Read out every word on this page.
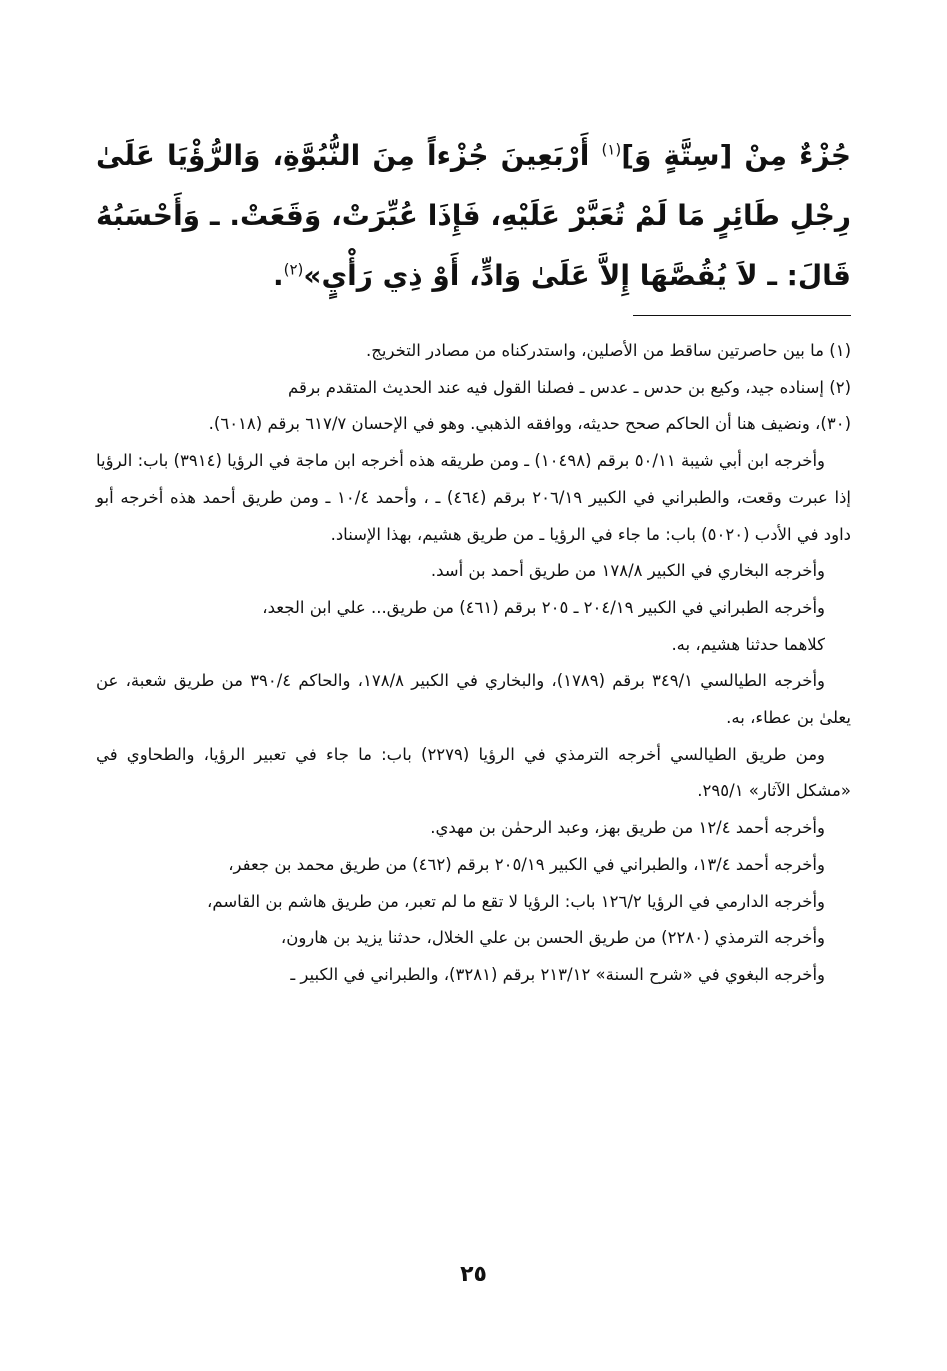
جُزْءٌ مِنْ [سِتَّةٍ وَ]$^{(١)}$ أَرْبَعِينَ جُزْءاً مِنَ النُّبُوَّةِ، وَالرُّؤْيَا عَلَىٰ رِجْلِ طَائِرٍ مَا لَمْ تُعَبَّرْ عَلَيْهِ، فَإِذَا عُبِّرَتْ، وَقَعَتْ. ـ وَأَحْسَبُهُ قَالَ: ـ لاَ يُقُصَّهَا إِلاَّ عَلَىٰ وَادٍّ، أَوْ ذِي رَأْيٍ»$^{(٢)}$.

(١) ما بين حاصرتين ساقط من الأصلين، واستدركناه من مصادر التخريج.

(٢) إسناده جيد، وكيع بن حدس ـ عدس ـ فصلنا القول فيه عند الحديث المتقدم برقم

(٣٠)، ونضيف هنا أن الحاكم صحح حديثه، ووافقه الذهبي. وهو في الإحسان ٦١٧/٧ برقم (٦٠١٨).

وأخرجه ابن أبي شيبة ٥٠/١١ برقم (١٠٤٩٨) ـ ومن طريقه هذه أخرجه ابن ماجة في الرؤيا (٣٩١٤) باب: الرؤيا إذا عبرت وقعت، والطبراني في الكبير ٢٠٦/١٩ برقم (٤٦٤) ـ ، وأحمد ١٠/٤ ـ ومن طريق أحمد هذه أخرجه أبو داود في الأدب (٥٠٢٠) باب: ما جاء في الرؤيا ـ من طريق هشيم، بهذا الإسناد.

وأخرجه البخاري في الكبير ١٧٨/٨ من طريق أحمد بن أسد.

وأخرجه الطبراني في الكبير ٢٠٤/١٩ ـ ٢٠٥ برقم (٤٦١) من طريق... علي ابن الجعد،

كلاهما حدثنا هشيم، به.

وأخرجه الطيالسي ٣٤٩/١ برقم (١٧٨٩)، والبخاري في الكبير ١٧٨/٨، والحاكم ٣٩٠/٤ من طريق شعبة، عن يعلىٰ بن عطاء، به.

ومن طريق الطيالسي أخرجه الترمذي في الرؤيا (٢٢٧٩) باب: ما جاء في تعبير الرؤيا، والطحاوي في «مشكل الآثار» ٢٩٥/١.

وأخرجه أحمد ١٢/٤ من طريق بهز، وعبد الرحمٰن بن مهدي.

وأخرجه أحمد ١٣/٤، والطبراني في الكبير ٢٠٥/١٩ برقم (٤٦٢) من طريق محمد بن جعفر،

وأخرجه الدارمي في الرؤيا ١٢٦/٢ باب: الرؤيا لا تقع ما لم تعبر، من طريق هاشم بن القاسم،

وأخرجه الترمذي (٢٢٨٠) من طريق الحسن بن علي الخلال، حدثنا يزيد بن هارون،

وأخرجه البغوي في «شرح السنة» ٢١٣/١٢ برقم (٣٢٨١)، والطبراني في الكبير ـ

٢٥
